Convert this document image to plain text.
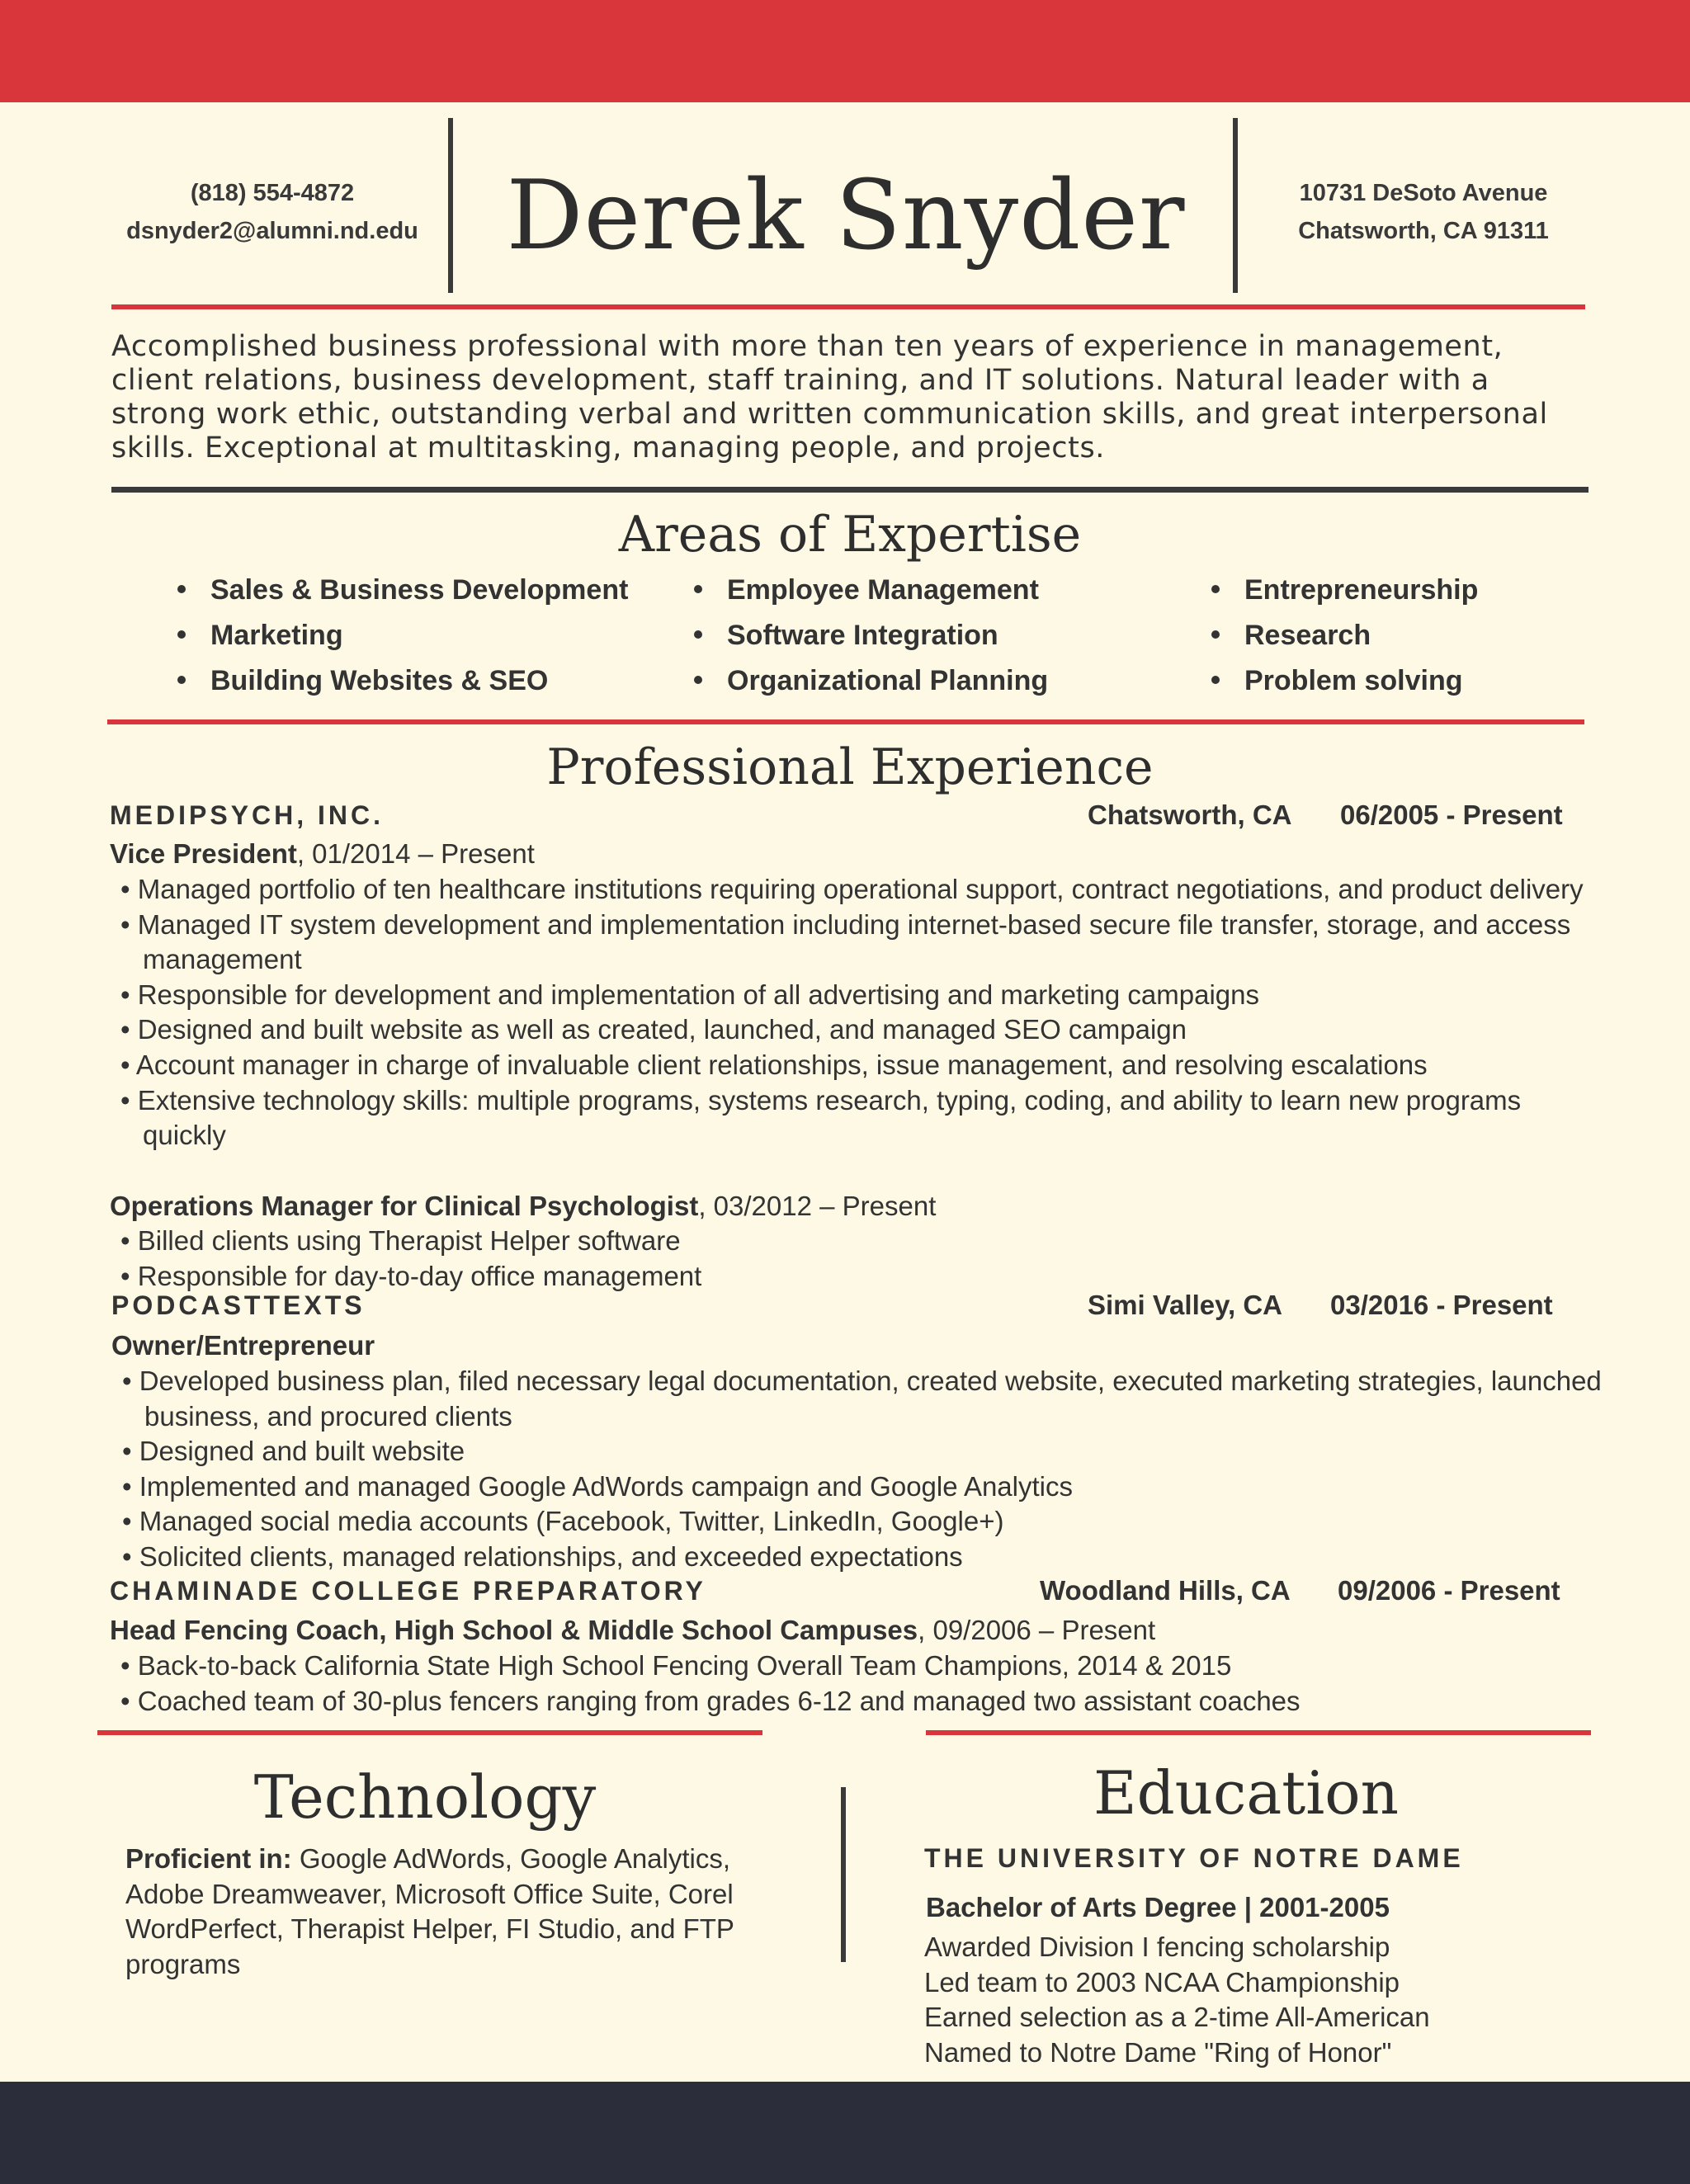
(818) 554-4872
dsnyder2@alumni.nd.edu Derek Snyder	10731 DeSoto Avenue
Chatsworth, CA 91311
Accomplished business professional with more than ten years of experience in management, client relations, business development, staff training, and IT solutions. Natural leader with a strong work ethic, outstanding verbal and written communication skills, and great interpersonal skills. Exceptional at multitasking, managing people, and projects.
Areas of Expertise
Sales & Business Development
Marketing
Building Websites & SEO
Employee Management
Software Integration
Organizational Planning
Entrepreneurship
Research
Problem solving
Professional Experience
MEDIPSYCH, INC.	Chatsworth, CA 06/2005 - Present
Vice President, 01/2014 – Present
• Managed portfolio of ten healthcare institutions requiring operational support, contract negotiations, and product delivery
• Managed IT system development and implementation including internet-based secure file transfer, storage, and access management
• Responsible for development and implementation of all advertising and marketing campaigns
• Designed and built website as well as created, launched, and managed SEO campaign
• Account manager in charge of invaluable client relationships, issue management, and resolving escalations
• Extensive technology skills: multiple programs, systems research, typing, coding, and ability to learn new programs quickly
Operations Manager for Clinical Psychologist, 03/2012 – Present
• Billed clients using Therapist Helper software
• Responsible for day-to-day office management
PODCASTTEXTS	Simi Valley, CA 03/2016 - Present
Owner/Entrepreneur
• Developed business plan, filed necessary legal documentation, created website, executed marketing strategies, launched business, and procured clients
• Designed and built website
• Implemented and managed Google AdWords campaign and Google Analytics
• Managed social media accounts (Facebook, Twitter, LinkedIn, Google+)
• Solicited clients, managed relationships, and exceeded expectations
CHAMINADE COLLEGE PREPARATORY	Woodland Hills, CA 09/2006 - Present
Head Fencing Coach, High School & Middle School Campuses, 09/2006 – Present
• Back-to-back California State High School Fencing Overall Team Champions, 2014 & 2015
• Coached team of 30-plus fencers ranging from grades 6-12 and managed two assistant coaches
Technology
Proficient in: Google AdWords, Google Analytics, Adobe Dreamweaver, Microsoft Office Suite, Corel WordPerfect, Therapist Helper, FI Studio, and FTP programs
Education
THE UNIVERSITY OF NOTRE DAME
Bachelor of Arts Degree | 2001-2005
Awarded Division I fencing scholarship
Led team to 2003 NCAA Championship
Earned selection as a 2-time All-American
Named to Notre Dame "Ring of Honor"
